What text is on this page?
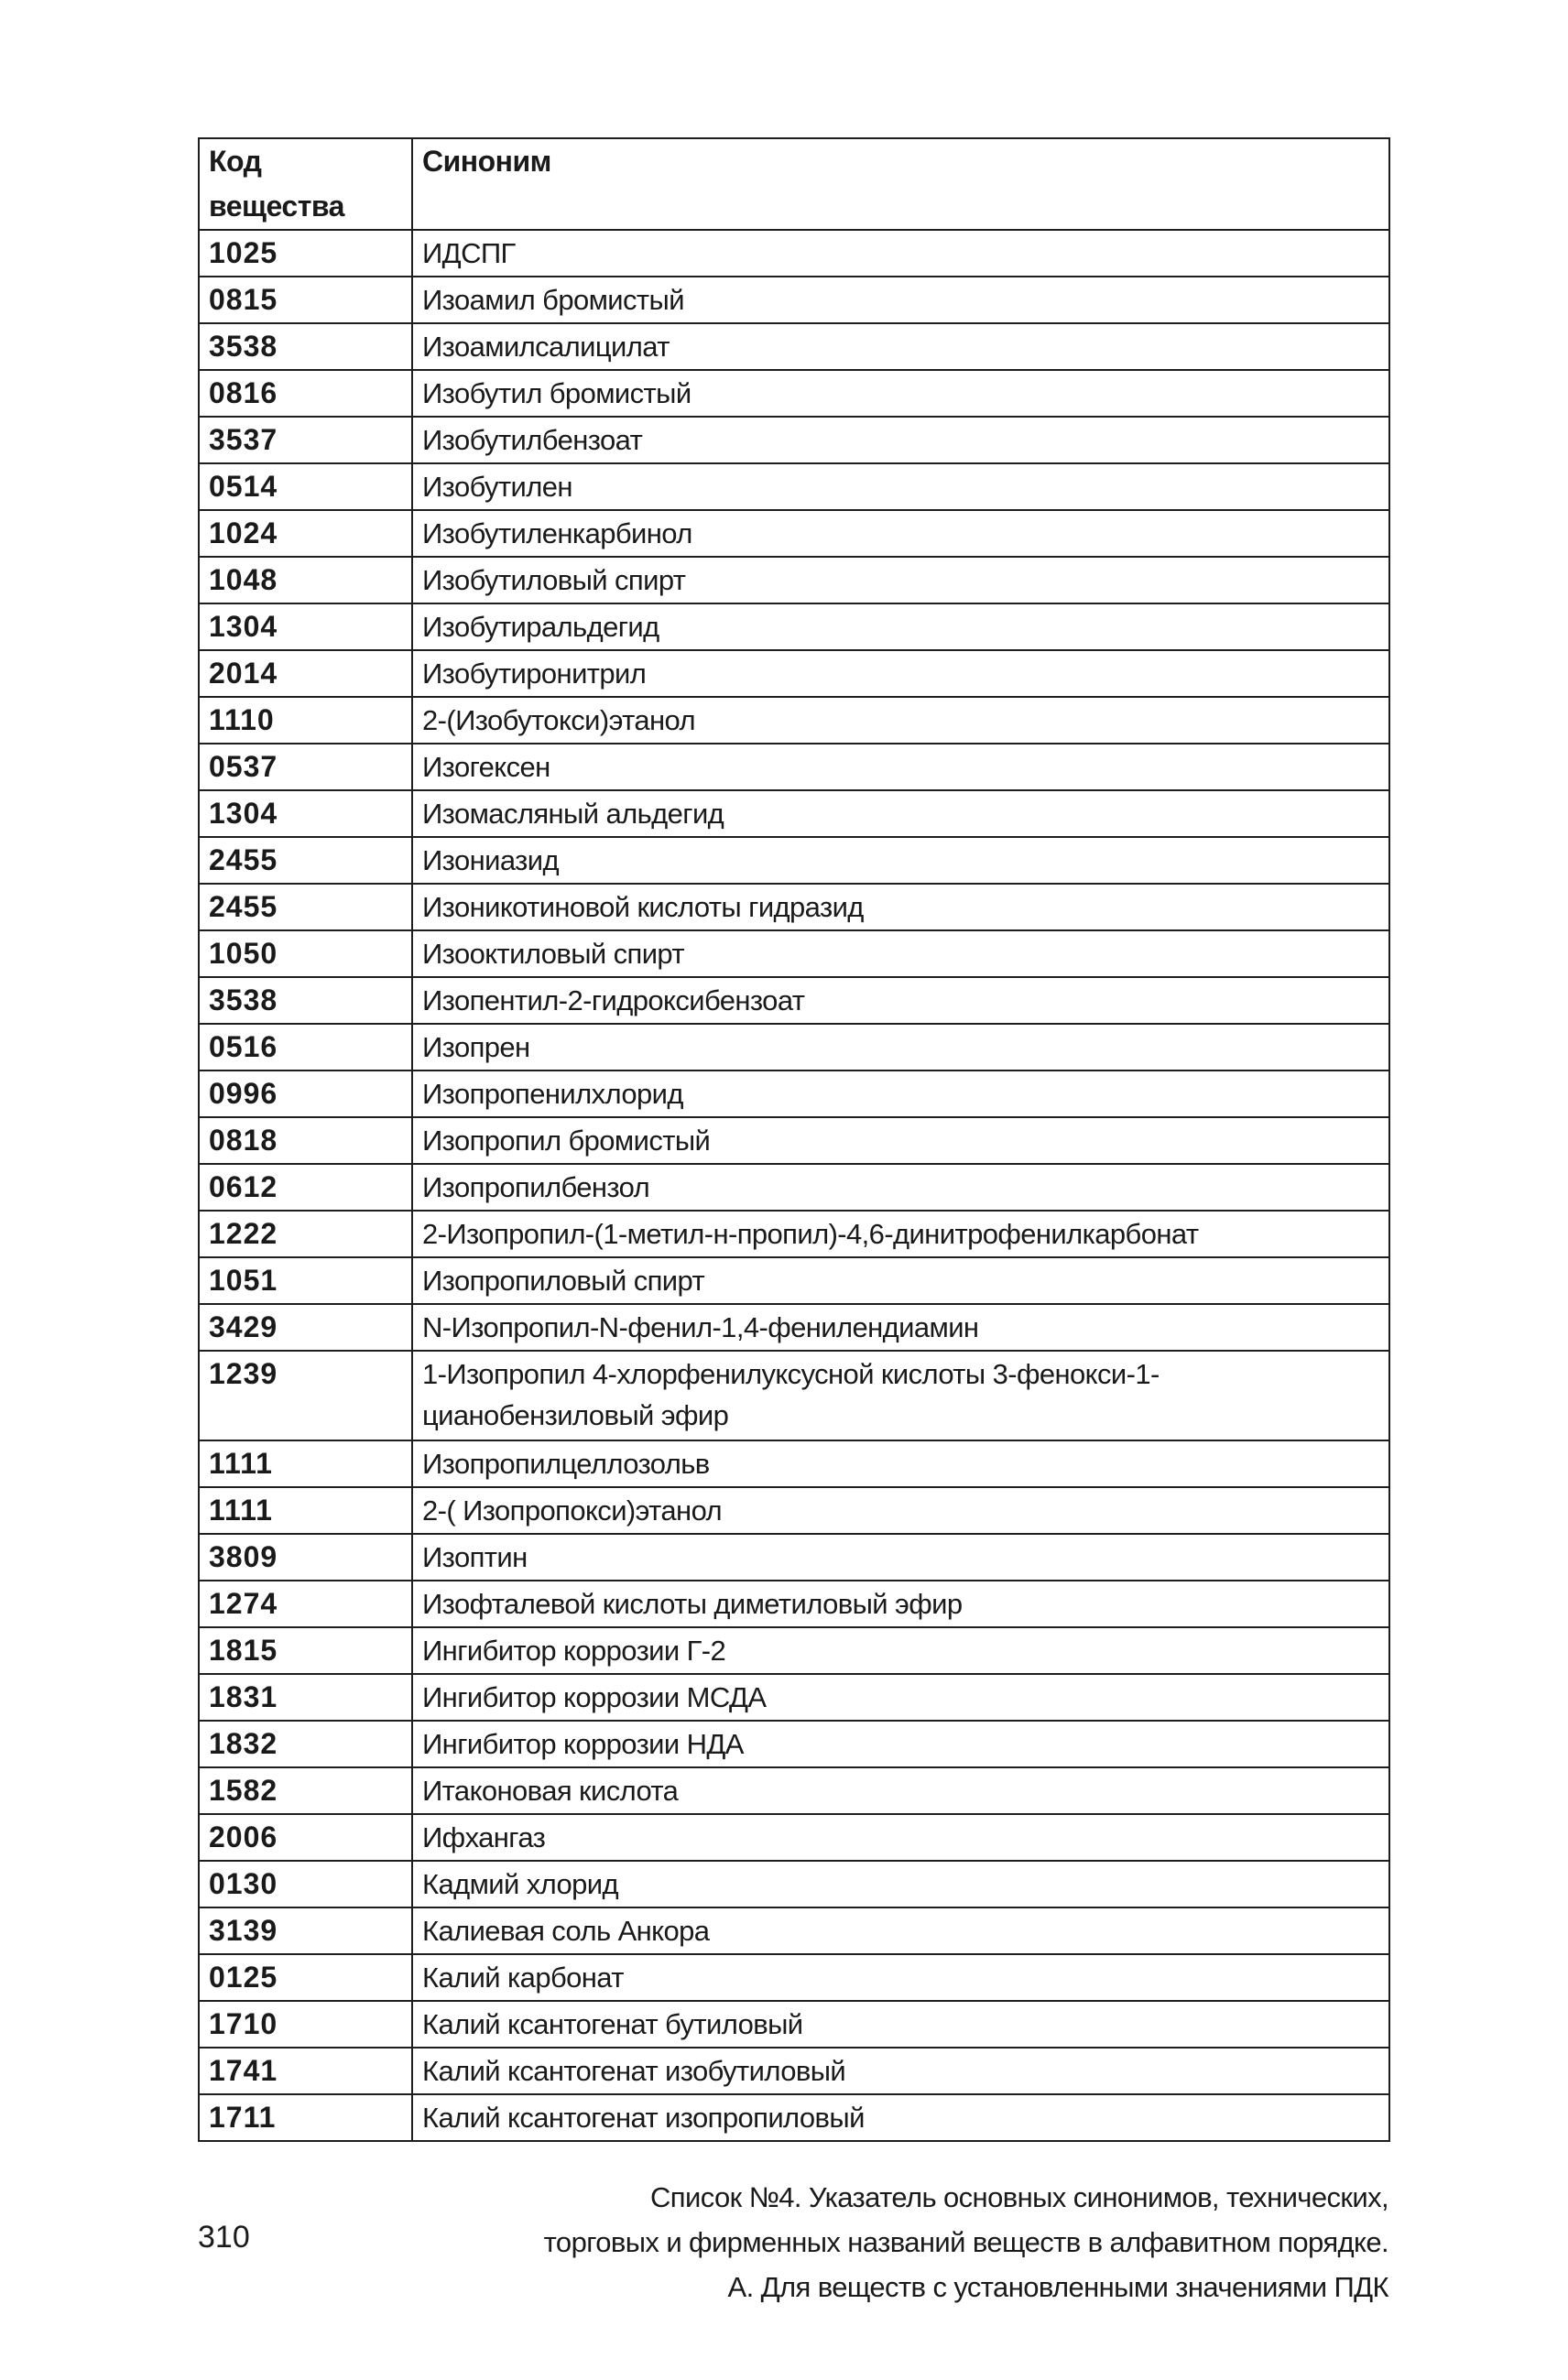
Код вещества	Синоним
1025	ИДСПГ
0815	Изоамил бромистый
3538	Изоамилсалицилат
0816	Изобутил бромистый
3537	Изобутилбензоат
0514	Изобутилен
1024	Изобутиленкарбинол
1048	Изобутиловый спирт
1304	Изобутиральдегид
2014	Изобутиронитрил
1110	2-(Изобутокси)этанол
0537	Изогексен
1304	Изомасляный альдегид
2455	Изониазид
2455	Изоникотиновой кислоты гидразид
1050	Изооктиловый спирт
3538	Изопентил-2-гидроксибензоат
0516	Изопрен
0996	Изопропенилхлорид
0818	Изопропил бромистый
0612	Изопропилбензол
1222	2-Изопропил-(1-метил-н-пропил)-4,6-динитрофенилкарбонат
1051	Изопропиловый спирт
3429	N-Изопропил-N-фенил-1,4-фенилендиамин
1239	1-Изопропил 4-хлорфенилуксусной кислоты 3-фенокси-1-
цианобензиловый эфир

1111	Изопропилцеллозольв
1111	2-( Изопропокси)этанол
3809	Изоптин
1274	Изофталевой кислоты диметиловый эфир
1815	Ингибитор коррозии Г-2
1831	Ингибитор коррозии МСДА
1832	Ингибитор коррозии НДА
1582	Итаконовая кислота
2006	Ифхангаз
0130	Кадмий хлорид
3139	Калиевая соль Анкора
0125	Калий карбонат
1710	Калий ксантогенат бутиловый
1741	Калий ксантогенат изобутиловый
1711	Калий ксантогенат изопропиловый
310
Список №4. Указатель основных синонимов, технических,
торговых и фирменных названий веществ в алфавитном порядке.
А. Для веществ с установленными значениями ПДК
